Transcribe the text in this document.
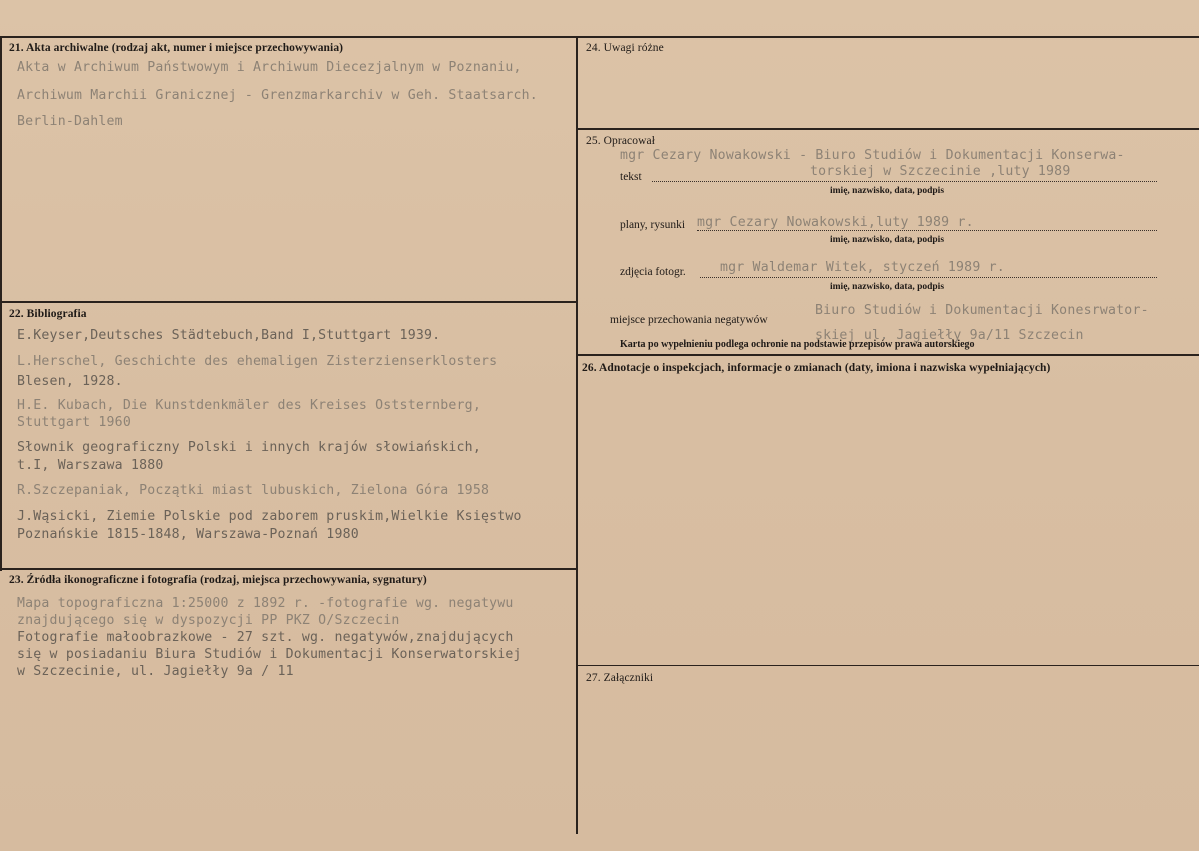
21. Akta archiwalne (rodzaj akt, numer i miejsce przechowywania)
Akta w Archiwum Państwowym i Archiwum Diecezjalnym w Poznaniu,
Archiwum Marchii Granicznej - Grenzmarkarchiv w Geh. Staatsarch.
Berlin-Dahlem
22. Bibliografia
E.Keyser,Deutsches Städtebuch,Band I,Stuttgart 1939.
L.Herschel, Geschichte des ehemaligen Zisterzienserklosters
Blesen, 1928.
H.E. Kubach, Die Kunstdenkmäler des Kreises Oststernberg,
Stuttgart 1960
Słownik geograficzny Polski i innych krajów słowiańskich,
t.I, Warszawa 1880
R.Szczepaniak, Początki miast lubuskich, Zielona Góra 1958
J.Wąsicki, Ziemie Polskie pod zaborem pruskim,Wielkie Księstwo
Poznańskie 1815-1848, Warszawa-Poznań 1980
23. Źródła ikonograficzne i fotografia (rodzaj, miejsca przechowywania, sygnatury)
Mapa topograficzna 1:25000 z 1892 r. -fotografie wg. negatywu
znajdującego się w dyspozycji PP PKZ O/Szczecin
Fotografie małoobrazkowe - 27 szt. wg. negatywów,znajdujących
się w posiadaniu Biura Studiów i Dokumentacji Konserwatorskiej
w Szczecinie, ul. Jagiełły 9a / 11
24. Uwagi różne
25. Opracował
mgr Cezary Nowakowski - Biuro Studiów i Dokumentacji Konserwa-
tekst	torskiej w Szczecinie ,luty 1989
imię, nazwisko, data, podpis
plany, rysunki mgr Cezary Nowakowski,luty 1989 r.
imię, nazwisko, data, podpis
zdjęcia fotogr.	mgr Waldemar Witek, styczeń 1989 r.
imię, nazwisko, data, podpis
Biuro Studiów i Dokumentacji Konesrwator-
miejsce przechowania negatywów
skiej ul. Jagiełły 9a/11 Szczecin
Karta po wypełnieniu podlega ochronie na podstawie przepisów prawa autorskiego
26. Adnotacje o inspekcjach, informacje o zmianach (daty, imiona i nazwiska wypełniających)
27. Załączniki
